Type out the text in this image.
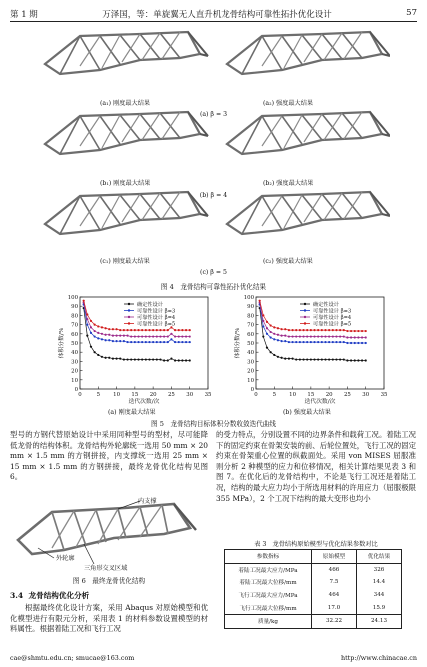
第 1 期	万泽国，等：单旋翼无人直升机龙骨结构可靠性拓扑优化设计	57
(a₁) 刚度最大结果	(a₂) 强度最大结果
(a) β = 3
(b₁) 刚度最大结果	(b₂) 强度最大结果
(b) β = 4
(c₁) 刚度最大结果	(c₂) 强度最大结果
(c) β = 5
图 4　龙骨结构可靠性拓扑优化结果
0
10
20
30
40
50
60
70
80
90
100
0	5 10 15 20 25 30 35
迭代次数/次
体积分数/%
确定性设计
可靠性设计 β=3
可靠性设计 β=4
可靠性设计 β=5
0
10
20
30
40
50
60
70
80
90
100
0	5 10 15 20 25 30 35
迭代次数/次
体积分数/%
确定性设计
可靠性设计 β=3
可靠性设计 β=4
可靠性设计 β=5
(a) 刚度最大结果	(b) 强度最大结果
图 5　龙骨结构目标体积分数收敛迭代曲线
型号的方钢代替原始设计中采用同种型号的型材，尽可能降低龙骨的结构体积。龙骨结构外轮廓统一选用 50 mm × 20 mm × 1.5 mm 的方钢拼接，内支撑统一选用 25 mm × 15 mm × 1.5 mm 的方钢拼接，最终龙骨优化结构见图 6。
内支撑
外轮廓
三角形交叉区域
图 6　最终龙骨优化结构
3.4 龙骨结构优化分析
根据最终优化设计方案，采用 Abaqus 对原始模型和优化模型进行有限元分析，采用表 1 的材料参数设置模型的材料属性。根据着陆工况和飞行工况
的受力特点，分别设置不同的边界条件和载荷工况。着陆工况下的固定约束在骨架安装的前、后轮位置处，飞行工况的固定约束在骨架重心位置的纵截面处。采用 von MISES 屈服准则分析 2 种模型的应力和位移情况，相关计算结果见表 3 和图 7。在优化后的龙骨结构中，不论是飞行工况还是着陆工况，结构的最大应力均小于所选用材料的许用应力（屈服极限 355 MPa），2 个工况下结构的最大变形也均小
表 3　龙骨结构原始模型与优化结果参数对比
参数指标	原始模型	优化结果
着陆工况最大应力/MPa	466	326
着陆工况最大位移/mm	7.5	14.4
飞行工况最大应力/MPa	464	344
飞行工况最大位移/mm	17.0	15.9
质量/kg	32.22	24.13
cae@shmtu.edu.cn; smucae@163.com	http://www.chinacae.cn
